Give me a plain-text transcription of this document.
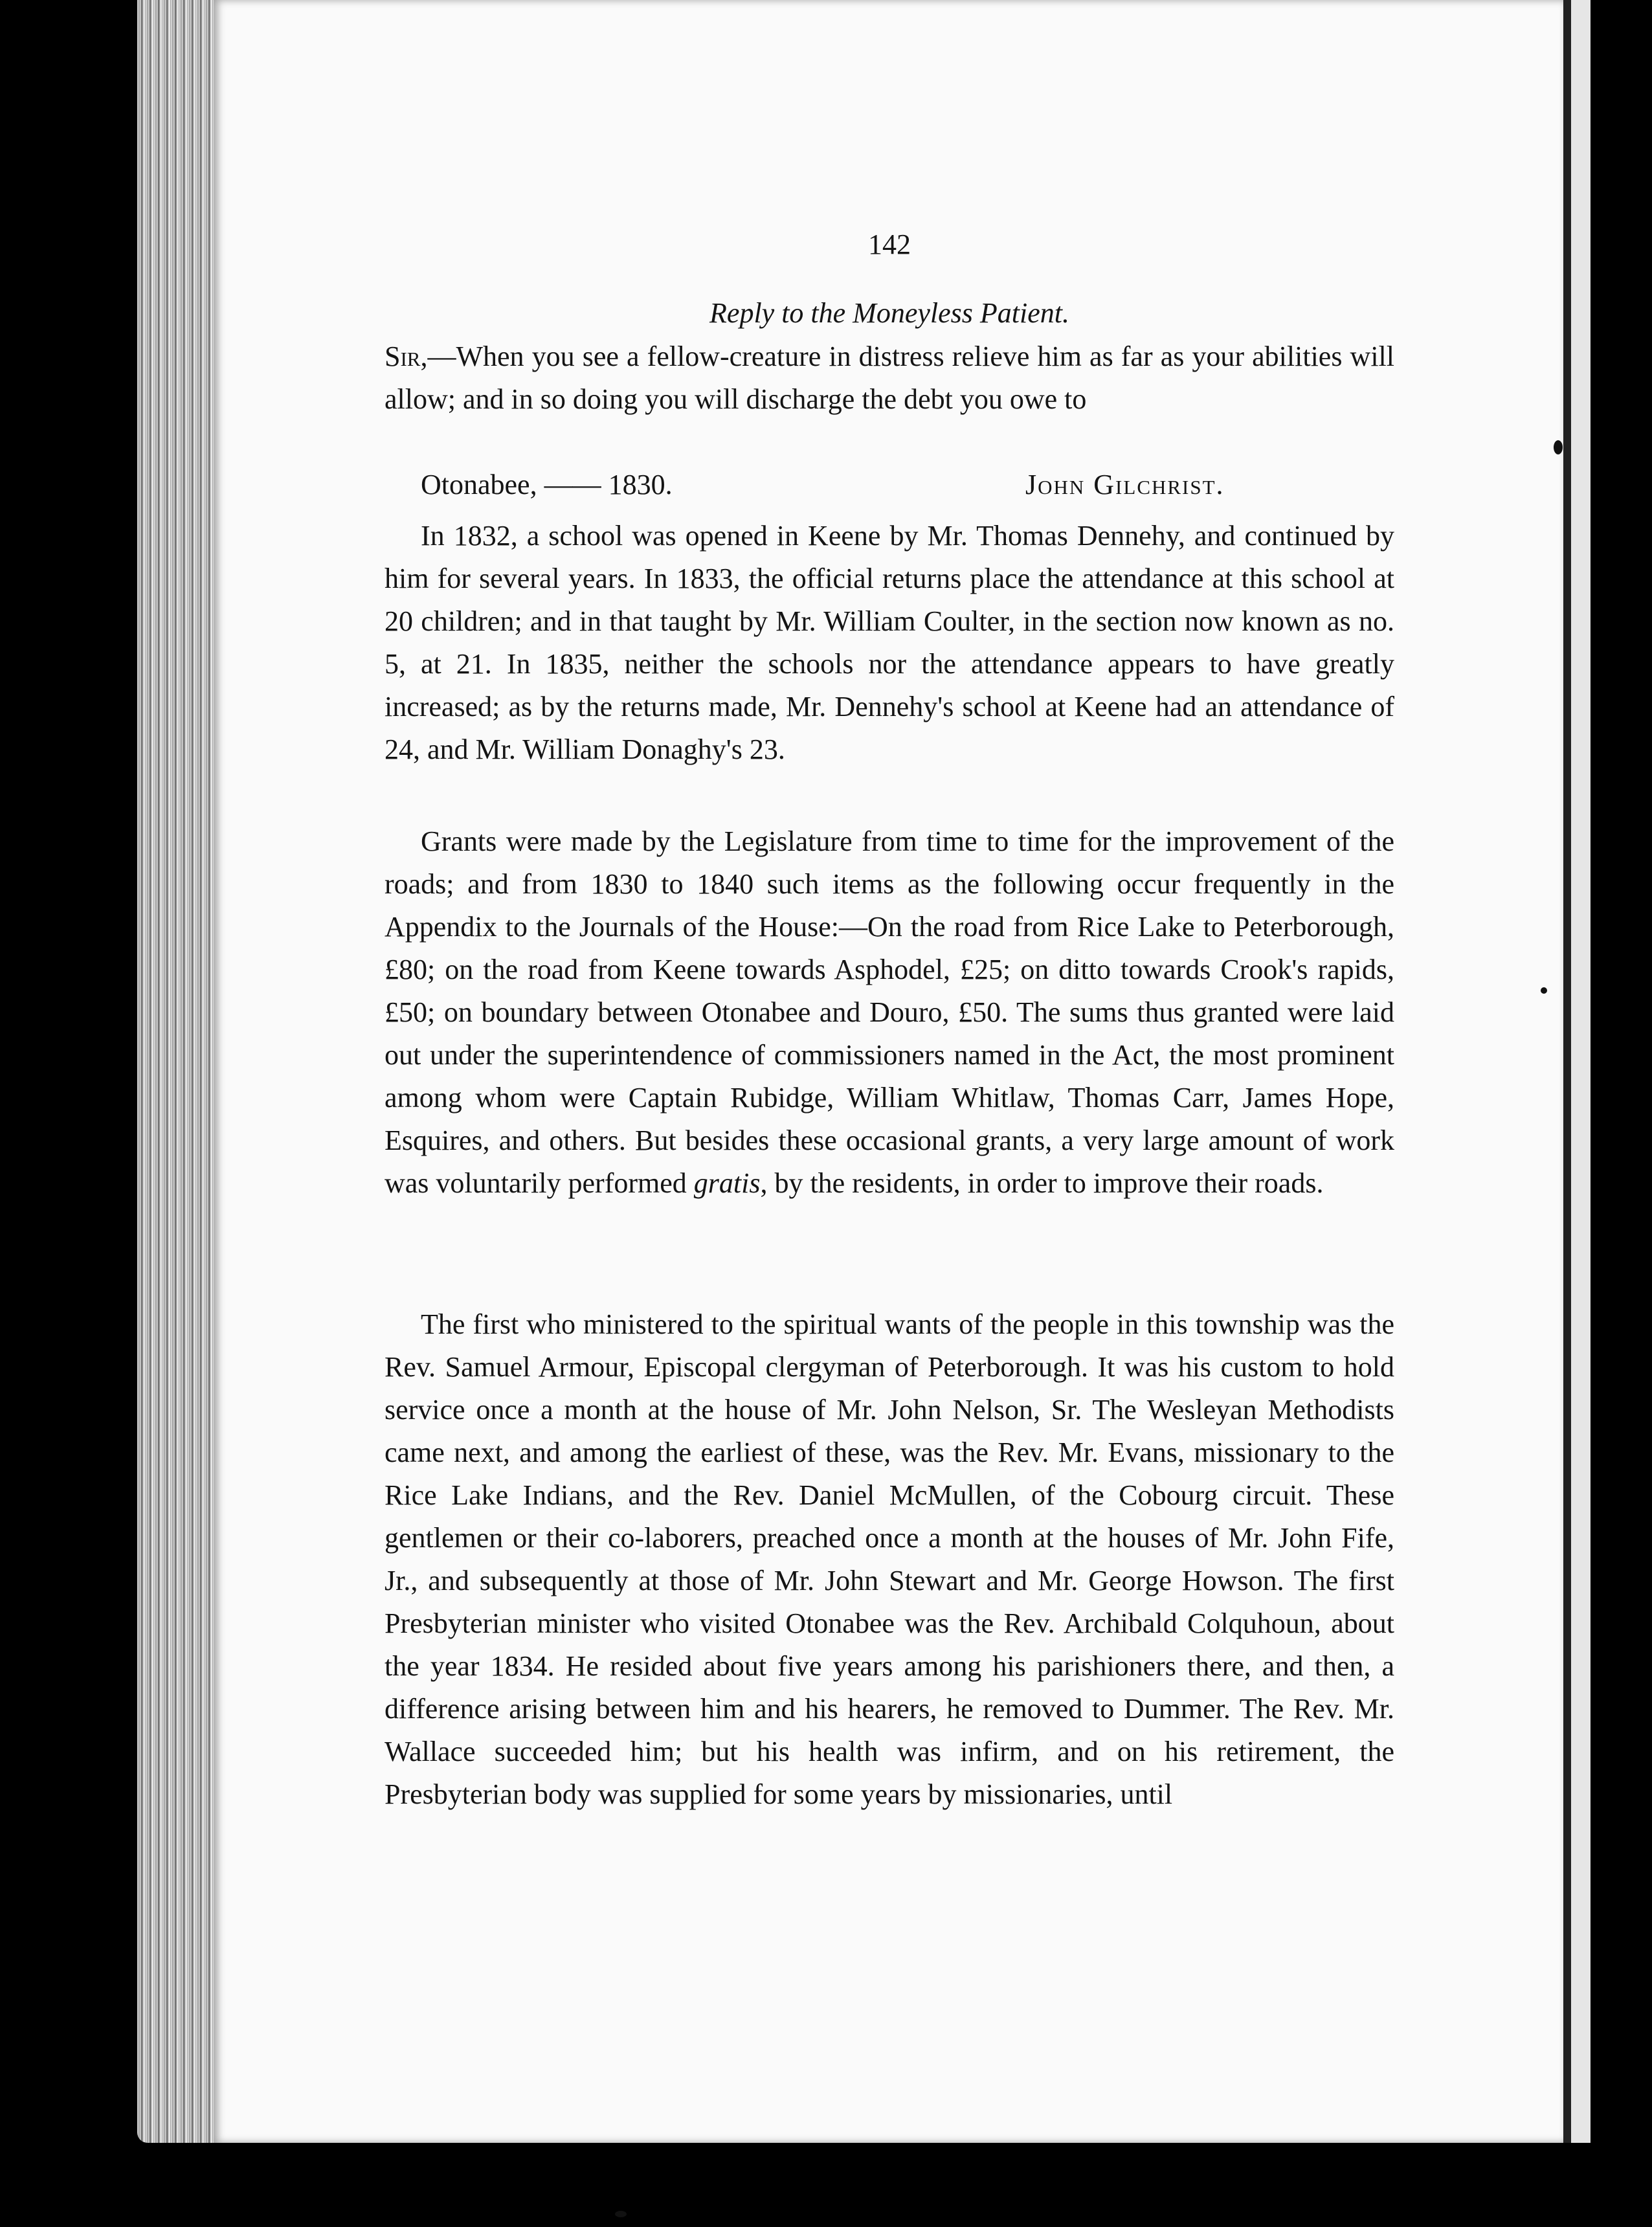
142
Reply to the Moneyless Patient.

Sir,—When you see a fellow-creature in distress relieve him as far as your abilities will allow; and in so doing you will discharge the debt you owe to

Otonabee, —— 1830.	John Gilchrist.

In 1832, a school was opened in Keene by Mr. Thomas Dennehy, and continued by him for several years. In 1833, the official returns place the attendance at this school at 20 children; and in that taught by Mr. William Coulter, in the section now known as no. 5, at 21. In 1835, neither the schools nor the attendance appears to have greatly increased; as by the returns made, Mr. Dennehy's school at Keene had an attendance of 24, and Mr. William Donaghy's 23.

Grants were made by the Legislature from time to time for the improvement of the roads; and from 1830 to 1840 such items as the following occur frequently in the Appendix to the Journals of the House:—On the road from Rice Lake to Peterborough, £80; on the road from Keene towards Asphodel, £25; on ditto towards Crook's rapids, £50; on boundary between Otonabee and Douro, £50. The sums thus granted were laid out under the superintendence of commissioners named in the Act, the most prominent among whom were Captain Rubidge, William Whitlaw, Thomas Carr, James Hope, Esquires, and others. But besides these occasional grants, a very large amount of work was voluntarily performed gratis, by the residents, in order to improve their roads.

The first who ministered to the spiritual wants of the people in this township was the Rev. Samuel Armour, Episcopal clergyman of Peterborough. It was his custom to hold service once a month at the house of Mr. John Nelson, Sr. The Wesleyan Methodists came next, and among the earliest of these, was the Rev. Mr. Evans, missionary to the Rice Lake Indians, and the Rev. Daniel McMullen, of the Cobourg circuit. These gentlemen or their co-laborers, preached once a month at the houses of Mr. John Fife, Jr., and subsequently at those of Mr. John Stewart and Mr. George Howson. The first Presbyterian minister who visited Otonabee was the Rev. Archibald Colquhoun, about the year 1834. He resided about five years among his parishioners there, and then, a difference arising between him and his hearers, he removed to Dummer. The Rev. Mr. Wallace succeeded him; but his health was infirm, and on his retirement, the Presbyterian body was supplied for some years by missionaries, until
